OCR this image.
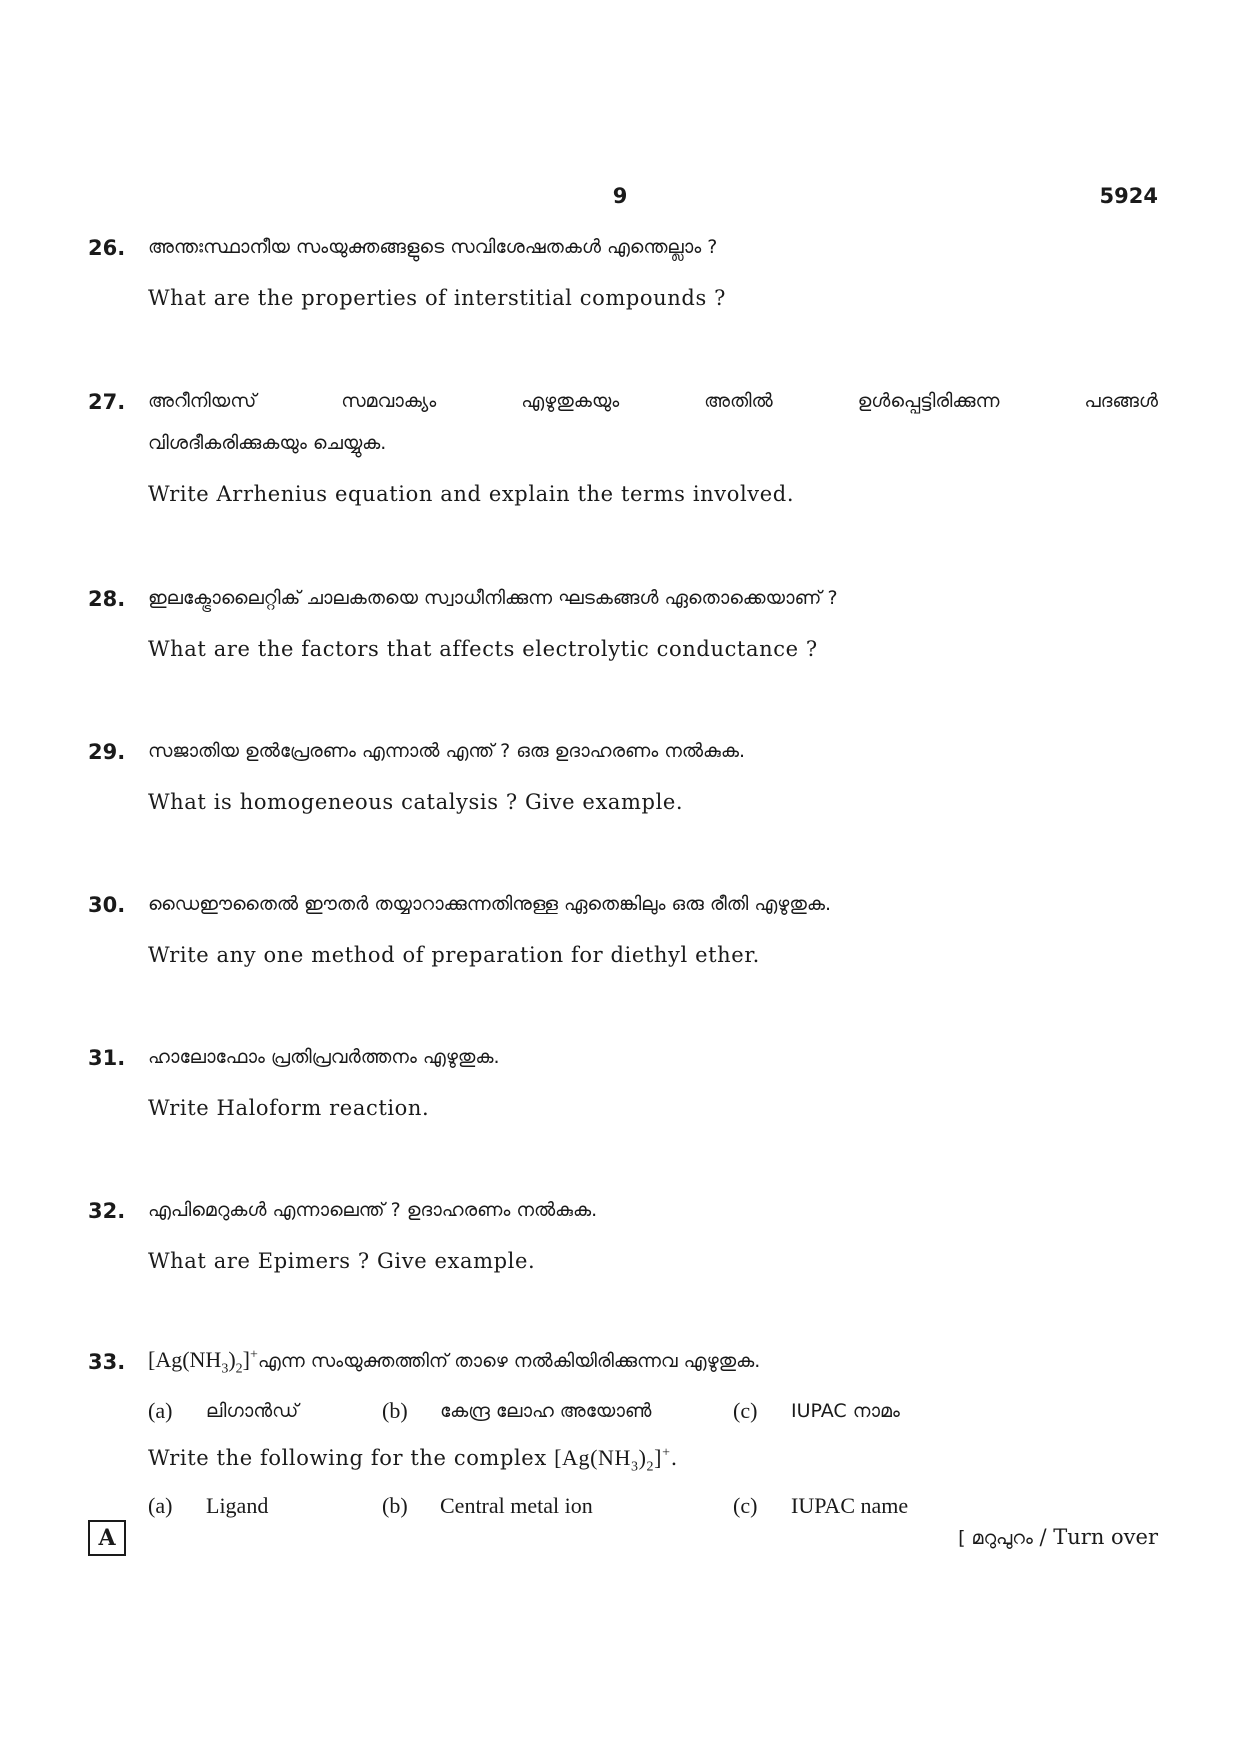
9	5924
26. അന്തഃസ്ഥാനീയ സംയുക്തങ്ങളുടെ സവിശേഷതകൾ എന്തെല്ലാം ?
What are the properties of interstitial compounds ?
27. അറീനിയസ്	സമവാക്യം	എഴുതുകയും	അതിൽ	ഉൾപ്പെട്ടിരിക്കുന്ന	പദങ്ങൾ
വിശദീകരിക്കുകയും ചെയ്യുക.
Write Arrhenius equation and explain the terms involved.
28. ഇലക്ട്രോലൈറ്റിക് ചാലകതയെ സ്വാധീനിക്കുന്ന ഘടകങ്ങൾ ഏതൊക്കെയാണ് ?
What are the factors that affects electrolytic conductance ?
29. സജാതിയ ഉൽപ്രേരണം എന്നാൽ എന്ത് ? ഒരു ഉദാഹരണം നൽകുക.
What is homogeneous catalysis ? Give example.
30. ഡൈഈതൈൽ ഈതർ തയ്യാറാക്കുന്നതിനുള്ള ഏതെങ്കിലും ഒരു രീതി എഴുതുക.
Write any one method of preparation for diethyl ether.
31. ഹാലോഫോം പ്രതിപ്രവർത്തനം എഴുതുക.
Write Haloform reaction.
32. എപിമെറുകൾ എന്നാലെന്ത് ? ഉദാഹരണം നൽകുക.
What are Epimers ? Give example.
33. $[Ag(NH_3)_2]^+എന്ന$ സംയുക്തത്തിന് താഴെ നൽകിയിരിക്കുന്നവ എഴുതുക.
(a) ലിഗാൻഡ്	(b) കേന്ദ്ര ലോഹ അയോൺ	(c) IUPAC നാമം
Write the following for the complex $[Ag(NH_3)_2]^+$.
(a) Ligand	(b) Central metal ion	(c) IUPAC name
A	[ മറുപുറം / Turn over
